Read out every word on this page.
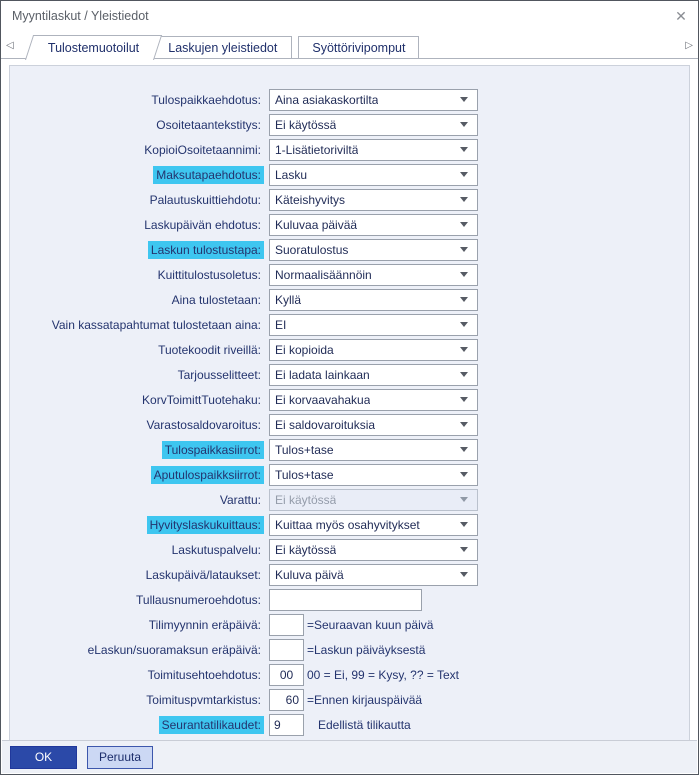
Myyntilaskut / Yleistiedot	✕
◁	Tulostemuotoilut	Laskujen yleistiedot	Syöttörivipomput	▷
Tulospaikkaehdotus:	Aina asiakaskortilta
Osoitetaantekstitys:	Ei käytössä
KopioiOsoitetaannimi:	1-Lisätietoriviltä
Maksutapaehdotus:	Lasku
Palautuskuittiehdotu:	Käteishyvitys
Laskupäivän ehdotus:	Kuluvaa päivää
Laskun tulostustapa:	Suoratulostus
Kuittitulostusoletus:	Normaalisäännöin
Aina tulostetaan:	Kyllä
Vain kassatapahtumat tulostetaan aina:	EI
Tuotekoodit riveillä:	Ei kopioida
Tarjousselitteet:	Ei ladata lainkaan
KorvToimittTuotehaku:	Ei korvaavahakua
Varastosaldovaroitus:	Ei saldovaroituksia
Tulospaikkasiirrot:	Tulos+tase
Aputulospaikksiirrot:	Tulos+tase
Varattu:	Ei käytössä
Hyvityslaskukuittaus:	Kuittaa myös osahyvitykset
Laskutuspalvelu:	Ei käytössä
Laskupäivä/lataukset:	Kuluva päivä
Tullausnumeroehdotus:
Tilimyynnin eräpäivä:	=Seuraavan kuun päivä
eLaskun/suoramaksun eräpäivä:	=Laskun päiväyksestä
Toimitusehtoehdotus:
00	00 = Ei, 99 = Kysy, ?? = Text
Toimituspvmtarkistus:
60	=Ennen kirjauspäivää
Seurantatilikaudet:
9	Edellistä tilikautta
OK	Peruuta
